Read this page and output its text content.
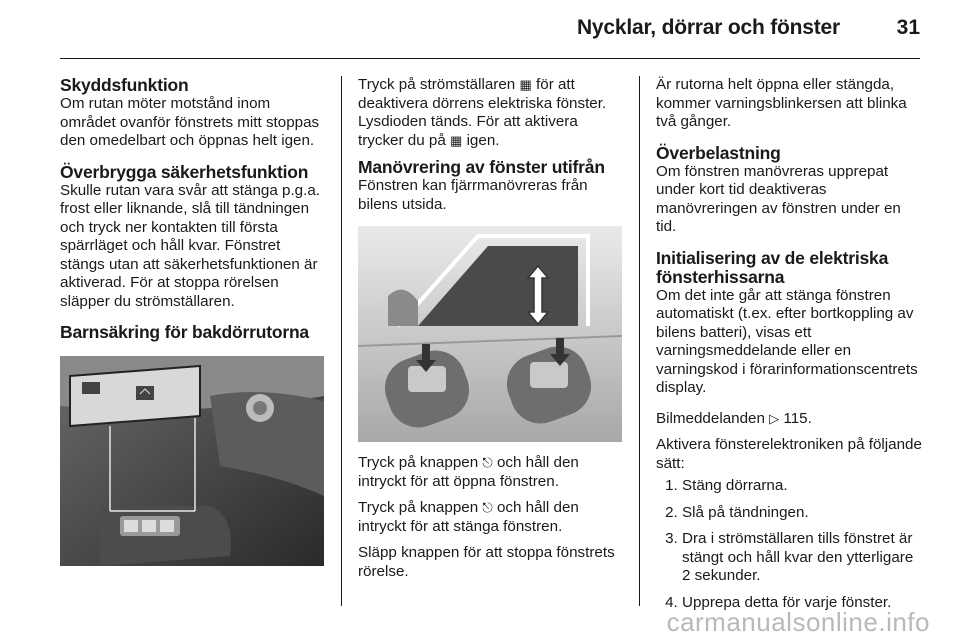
Nycklar, dörrar och fönster	31
Skyddsfunktion
Om rutan möter motstånd inom området ovanför fönstrets mitt stoppas den omedelbart och öppnas helt igen.
Överbrygga säkerhetsfunktion
Skulle rutan vara svår att stänga p.g.a. frost eller liknande, slå till tändningen och tryck ner kontakten till första spärrläget och håll kvar. Fönstret stängs utan att säkerhetsfunktionen är aktiverad. För at stoppa rörelsen släpper du strömställaren.
Barnsäkring för bakdörrutorna

Tryck på strömställaren ▦ för att deaktivera dörrens elektriska fönster. Lysdioden tänds. För att aktivera trycker du på ▦ igen.

Manövrering av fönster utifrån
Fönstren kan fjärrmanövreras från bilens utsida.

Tryck på knappen ⎋ och håll den intryckt för att öppna fönstren.

Tryck på knappen ⎋ och håll den intryckt för att stänga fönstren.

Släpp knappen för att stoppa fönstrets rörelse.

Är rutorna helt öppna eller stängda, kommer varningsblinkersen att blinka två gånger.

Överbelastning
Om fönstren manövreras upprepat under kort tid deaktiveras manövreringen av fönstren under en tid.
Initialisering av de elektriska fönsterhissarna
Om det inte går att stänga fönstren automatiskt (t.ex. efter bortkoppling av bilens batteri), visas ett varningsmeddelande eller en varningskod i förarinformationscentrets display.

Bilmeddelanden ▷ 115.

Aktivera fönsterelektroniken på följande sätt:

1. Stäng dörrarna.
2. Slå på tändningen.
3. Dra i strömställaren tills fönstret är stängt och håll kvar den ytterligare 2 sekunder.
4. Upprepa detta för varje fönster.
carmanualsonline.info
